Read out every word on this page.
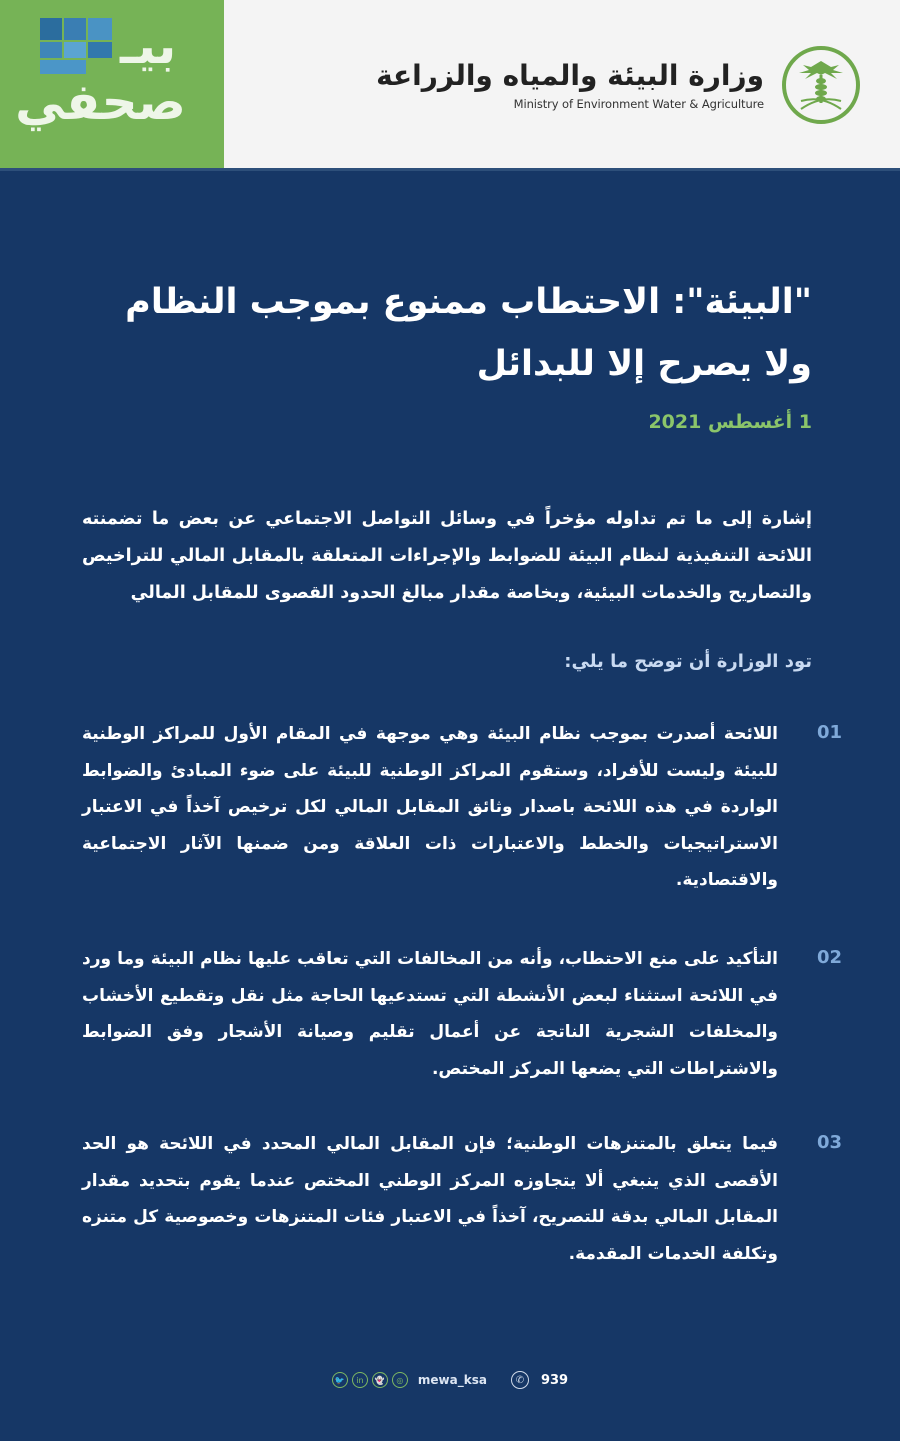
بيـ
صحفي	وزارة البيئة والمياه والزراعة
Ministry of Environment Water & Agriculture
"البيئة": الاحتطاب ممنوع بموجب النظام
ولا يصرح إلا للبدائل
1 أغسطس 2021
إشارة إلى ما تم تداوله مؤخراً في وسائل التواصل الاجتماعي عن بعض ما تضمنته اللائحة التنفيذية لنظام البيئة للضوابط والإجراءات المتعلقة بالمقابل المالي للتراخيص والتصاريح والخدمات البيئية، وبخاصة مقدار مبالغ الحدود القصوى للمقابل المالي
تود الوزارة أن توضح ما يلي:
01
اللائحة أصدرت بموجب نظام البيئة وهي موجهة في المقام الأول للمراكز الوطنية للبيئة وليست للأفراد، وستقوم المراكز الوطنية للبيئة على ضوء المبادئ والضوابط الواردة في هذه اللائحة باصدار وثائق المقابل المالي لكل ترخيص آخذاً في الاعتبار الاستراتيجيات والخطط والاعتبارات ذات العلاقة ومن ضمنها الآثار الاجتماعية والاقتصادية.
02
التأكيد على منع الاحتطاب، وأنه من المخالفات التي تعاقب عليها نظام البيئة وما ورد في اللائحة استثناء لبعض الأنشطة التي تستدعيها الحاجة مثل نقل وتقطيع الأخشاب والمخلفات الشجرية الناتجة عن أعمال تقليم وصيانة الأشجار وفق الضوابط والاشتراطات التي يضعها المركز المختص.
03
فيما يتعلق بالمتنزهات الوطنية؛ فإن المقابل المالي المحدد في اللائحة هو الحد الأقصى الذي ينبغي ألا يتجاوزه المركز الوطني المختص عندما يقوم بتحديد مقدار المقابل المالي بدقة للتصريح، آخذاً في الاعتبار فئات المتنزهات وخصوصية كل متنزه وتكلفة الخدمات المقدمة.
🐦	in	👻	◎	mewa_ksa	✆	939
